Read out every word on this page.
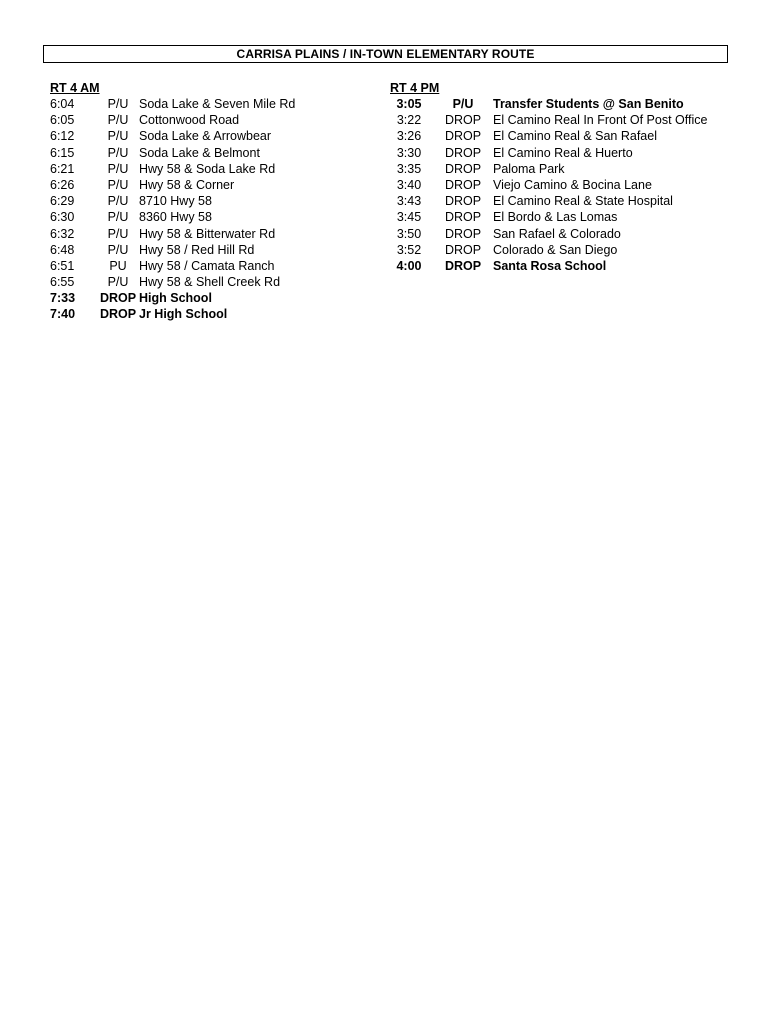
CARRISA PLAINS / IN-TOWN ELEMENTARY ROUTE
RT 4 AM
6:04	P/U Soda Lake & Seven Mile Rd
6:05	P/U Cottonwood Road
6:12	P/U Soda Lake & Arrowbear
6:15	P/U Soda Lake & Belmont
6:21	P/U Hwy 58 & Soda Lake Rd
6:26	P/U Hwy 58 & Corner
6:29	P/U 8710 Hwy 58
6:30	P/U 8360 Hwy 58
6:32	P/U Hwy 58 & Bitterwater Rd
6:48	P/U Hwy 58 / Red Hill Rd
6:51	PU Hwy 58 / Camata Ranch
6:55	P/U Hwy 58 & Shell Creek Rd
7:33	DROP High School
7:40	DROP Jr High School
RT 4 PM
3:05	P/U	Transfer Students @ San Benito
3:22	DROP El Camino Real In Front Of Post Office
3:26	DROP El Camino Real & San Rafael
3:30	DROP El Camino Real & Huerto
3:35	DROP Paloma Park
3:40	DROP Viejo Camino & Bocina Lane
3:43	DROP El Camino Real & State Hospital
3:45	DROP El Bordo & Las Lomas
3:50	DROP San Rafael & Colorado
3:52	DROP Colorado & San Diego
4:00	DROP Santa Rosa School
